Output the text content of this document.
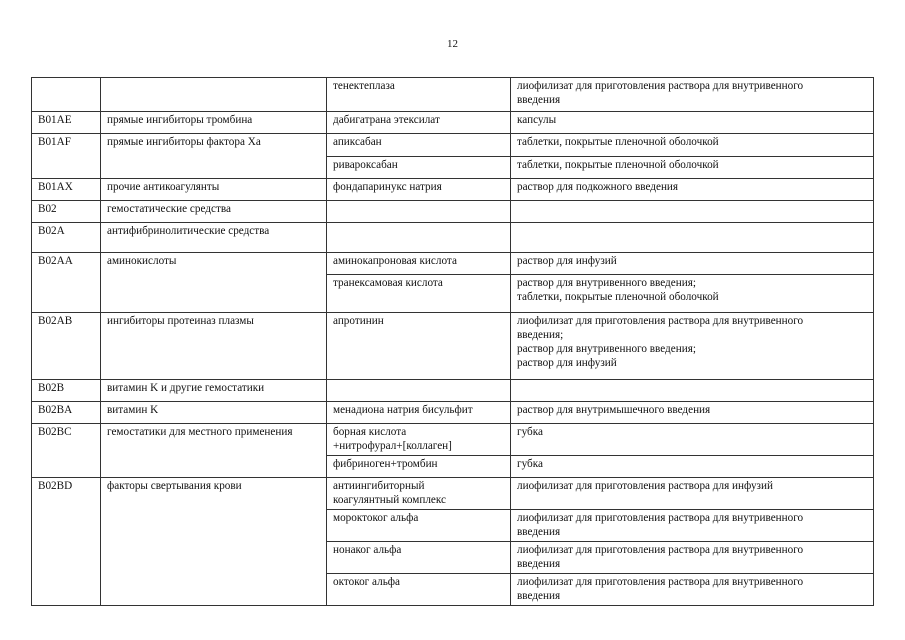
12

		тенектеплаза	лиофилизат для приготовления раствора для внутривенного
введения

B01AE	прямые ингибиторы тромбина	дабигатрана этексилат	капсулы

B01AF	прямые ингибиторы фактора Xa	апиксабан	таблетки, покрытые пленочной оболочкой

		ривароксабан	таблетки, покрытые пленочной оболочкой

B01AX	прочие антикоагулянты	фондапаринукс натрия	раствор для подкожного введения

B02	гемостатические средства	

B02A	антифибринолитические средства	

B02AA	аминокислоты	аминокапроновая кислота	раствор для инфузий

		транексамовая кислота	раствор для внутривенного введения;
таблетки, покрытые пленочной оболочкой

B02AB	ингибиторы протеиназ плазмы	апротинин	лиофилизат для приготовления раствора для внутривенного
введения;
раствор для внутривенного введения;
раствор для инфузий

B02B	витамин K и другие гемостатики	

B02BA	витамин K	менадиона натрия бисульфит	раствор для внутримышечного введения

B02BC	гемостатики для местного применения	борная кислота
+нитрофурал+[коллаген]	губка

		фибриноген+тромбин	губка

B02BD	факторы свертывания крови	антиингибиторный
коагулянтный комплекс	лиофилизат для приготовления раствора для инфузий

		мороктоког альфа	лиофилизат для приготовления раствора для внутривенного
введения

		нонаког альфа	лиофилизат для приготовления раствора для внутривенного
введения

		октоког альфа	лиофилизат для приготовления раствора для внутривенного
введения
